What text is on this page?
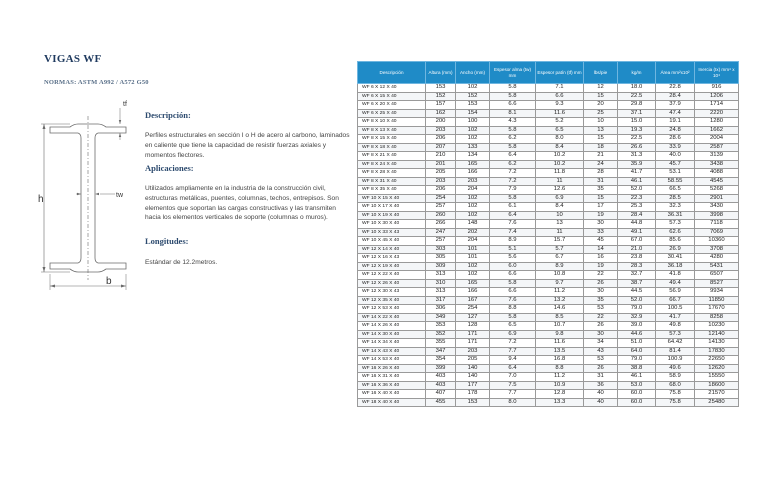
VIGAS WF
NORMAS: ASTM A992 / A572 G50
h
b
tf
tw
Descripción:
Perfiles estructurales en sección I o H de acero al carbono, laminados en caliente que tiene la capacidad de resistir fuerzas axiales y momentos flectores.
Aplicaciones:
Utilizados ampliamente en la industria de la construcción civil, estructuras metálicas, puentes, columnas, techos, entrepisos. Son elementos que soportan las cargas constructivas y las transmiten hacia los elementos verticales de soporte (columnas o muros).
Longitudes:
Estándar de 12.2metros.
Descripción	Altura (mm)	Ancho (mm)	Espesor alma (tw) mm	Espesor patín (tf) mm	lbs/pie	kg/m	Área mm²x10²	Inercia (Ix) mm⁴ x 10⁴
WF 6 X 12 X 40	153	102	5.8	7.1	12	18.0	22.8	916
WF 6 X 15 X 40	152	152	5.8	6.6	15	22.5	28.4	1206
WF 6 X 20 X 40	157	153	6.6	9.3	20	29.8	37.9	1714
WF 6 X 25 X 40	162	154	8.1	11.6	25	37.1	47.4	2220
WF 8 X 10 X 40	200	100	4.3	5.2	10	15.0	19.1	1280
WF 8 X 13 X 40	203	102	5.8	6.5	13	19.3	24.8	1662
WF 8 X 15 X 40	206	102	6.2	8.0	15	22.5	28.6	2004
WF 8 X 18 X 40	207	133	5.8	8.4	18	26.6	33.9	2587
WF 8 X 21 X 40	210	134	6.4	10.2	21	31.3	40.0	3139
WF 8 X 24 X 40	201	165	6.2	10.2	24	35.9	45.7	3438
WF 8 X 28 X 40	205	166	7.2	11.8	28	41.7	53.1	4088
WF 8 X 31 X 40	203	203	7.2	11	31	46.1	58.55	4545
WF 8 X 35 X 40	206	204	7.9	12.6	35	52.0	66.5	5268
WF 10 X 15 X 40	254	102	5.8	6.9	15	22.3	28.5	2901
WF 10 X 17 X 40	257	102	6.1	8.4	17	25.3	32.3	3430
WF 10 X 19 X 40	260	102	6.4	10	19	28.4	36.31	3998
WF 10 X 30 X 40	266	148	7.6	13	30	44.8	57.3	7118
WF 10 X 33 X 43	247	202	7.4	11	33	49.1	62.6	7069
WF 10 X 45 X 40	257	204	8.9	15.7	45	67.0	85.6	10360
WF 12 X 14 X 40	303	101	5.1	5.7	14	21.0	26.9	3708
WF 12 X 16 X 43	305	101	5.6	6.7	16	23.8	30.41	4280
WF 12 X 19 X 40	309	102	6.0	8.9	19	28.3	36.18	5431
WF 12 X 22 X 40	313	102	6.6	10.8	22	32.7	41.8	6507
WF 12 X 26 X 40	310	165	5.8	9.7	26	38.7	49.4	8527
WF 12 X 30 X 43	313	166	6.6	11.2	30	44.5	56.9	9934
WF 12 X 35 X 40	317	167	7.6	13.2	35	52.0	66.7	11850
WF 12 X 53 X 40	306	254	8.8	14.6	53	79.0	100.5	17670
WF 14 X 22 X 40	349	127	5.8	8.5	22	32.9	41.7	8258
WF 14 X 26 X 40	353	128	6.5	10.7	26	39.0	49.8	10230
WF 14 X 30 X 40	352	171	6.9	9.8	30	44.6	57.3	12140
WF 14 X 34 X 40	355	171	7.2	11.6	34	51.0	64.42	14130
WF 14 X 43 X 40	347	203	7.7	13.5	43	64.0	81.4	17830
WF 14 X 53 X 40	354	205	9.4	16.8	53	79.0	100.9	22650
WF 16 X 26 X 40	399	140	6.4	8.8	26	38.8	49.6	12620
WF 16 X 31 X 40	403	140	7.0	11.2	31	46.1	58.9	15550
WF 16 X 36 X 40	403	177	7.5	10.9	36	53.0	68.0	18600
WF 16 X 40 X 40	407	178	7.7	12.8	40	60.0	75.8	21570
WF 18 X 40 X 40	455	153	8.0	13.3	40	60.0	75.8	25480
